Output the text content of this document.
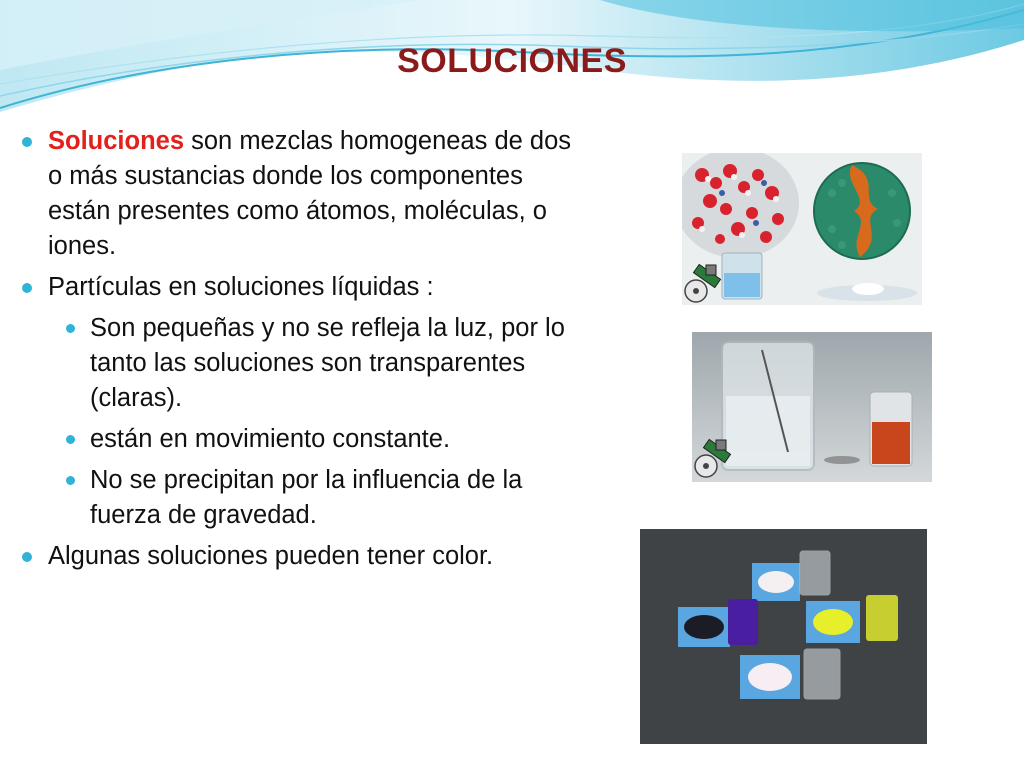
SOLUCIONES
Soluciones son mezclas homogeneas de dos o más sustancias donde los componentes están presentes como átomos, moléculas, o iones.
Partículas en soluciones líquidas :
Son pequeñas y no se refleja la luz, por lo tanto las soluciones son transparentes (claras).
están en movimiento constante.
No se precipitan por la influencia de la fuerza de gravedad.
Algunas soluciones pueden tener color.
